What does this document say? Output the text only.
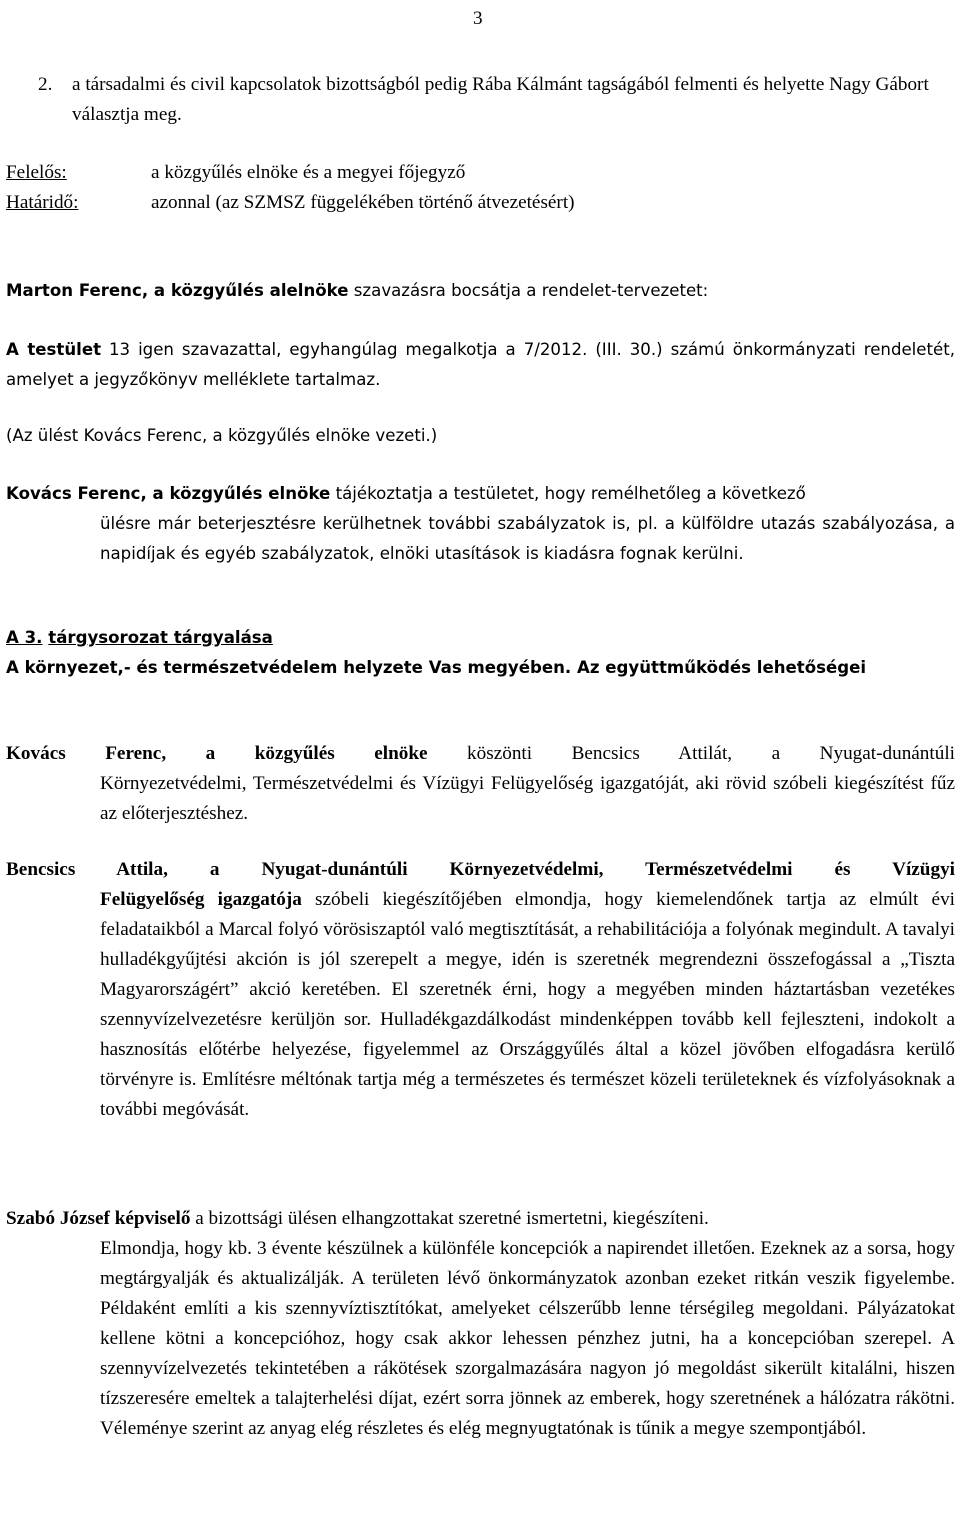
3
2.	a társadalmi és civil kapcsolatok bizottságból pedig Rába Kálmánt tagságából felmenti és helyette Nagy Gábort választja meg.

Felelős:	a közgyűlés elnöke és a megyei főjegyző
Határidő:	azonnal (az SZMSZ függelékében történő átvezetésért)

Marton Ferenc, a közgyűlés alelnöke szavazásra bocsátja a rendelet-tervezetet:

A testület 13 igen szavazattal, egyhangúlag megalkotja a 7/2012. (III. 30.) számú önkormányzati rendeletét, amelyet a jegyzőkönyv melléklete tartalmaz.

(Az ülést Kovács Ferenc, a közgyűlés elnöke vezeti.)

Kovács Ferenc, a közgyűlés elnöke tájékoztatja a testületet, hogy remélhetőleg a következő

ülésre már beterjesztésre kerülhetnek további szabályzatok is, pl. a külföldre utazás szabályozása, a napidíjak és egyéb szabályzatok, elnöki utasítások is kiadásra fognak kerülni.

A 3. tárgysorozat tárgyalása

A környezet,- és természetvédelem helyzete Vas megyében. Az együttműködés lehetőségei

Kovács Ferenc, a közgyűlés elnöke köszönti Bencsics Attilát, a Nyugat-dunántúli

Környezetvédelmi, Természetvédelmi és Vízügyi Felügyelőség igazgatóját, aki rövid szóbeli kiegészítést fűz az előterjesztéshez.

Bencsics Attila, a Nyugat-dunántúli Környezetvédelmi, Természetvédelmi és Vízügyi

Felügyelőség igazgatója szóbeli kiegészítőjében elmondja, hogy kiemelendőnek tartja az elmúlt évi feladataikból a Marcal folyó vörösiszaptól való megtisztítását, a rehabilitációja a folyónak megindult. A tavalyi hulladékgyűjtési akción is jól szerepelt a megye, idén is szeretnék megrendezni összefogással a „Tiszta Magyarországért” akció keretében. El szeretnék érni, hogy a megyében minden háztartásban vezetékes szennyvízelvezetésre kerüljön sor. Hulladékgazdálkodást mindenképpen tovább kell fejleszteni, indokolt a hasznosítás előtérbe helyezése, figyelemmel az Országgyűlés által a közel jövőben elfogadásra kerülő törvényre is. Említésre méltónak tartja még a természetes és természet közeli területeknek és vízfolyásoknak a további megóvását.

Szabó József képviselő a bizottsági ülésen elhangzottakat szeretné ismertetni, kiegészíteni.

Elmondja, hogy kb. 3 évente készülnek a különféle koncepciók a napirendet illetően. Ezeknek az a sorsa, hogy megtárgyalják és aktualizálják. A területen lévő önkormányzatok azonban ezeket ritkán veszik figyelembe. Példaként említi a kis szennyvíztisztítókat, amelyeket célszerűbb lenne térségileg megoldani. Pályázatokat kellene kötni a koncepcióhoz, hogy csak akkor lehessen pénzhez jutni, ha a koncepcióban szerepel. A szennyvízelvezetés tekintetében a rákötések szorgalmazására nagyon jó megoldást sikerült kitalálni, hiszen tízszeresére emeltek a talajterhelési díjat, ezért sorra jönnek az emberek, hogy szeretnének a hálózatra rákötni. Véleménye szerint az anyag elég részletes és elég megnyugtatónak is tűnik a megye szempontjából.
